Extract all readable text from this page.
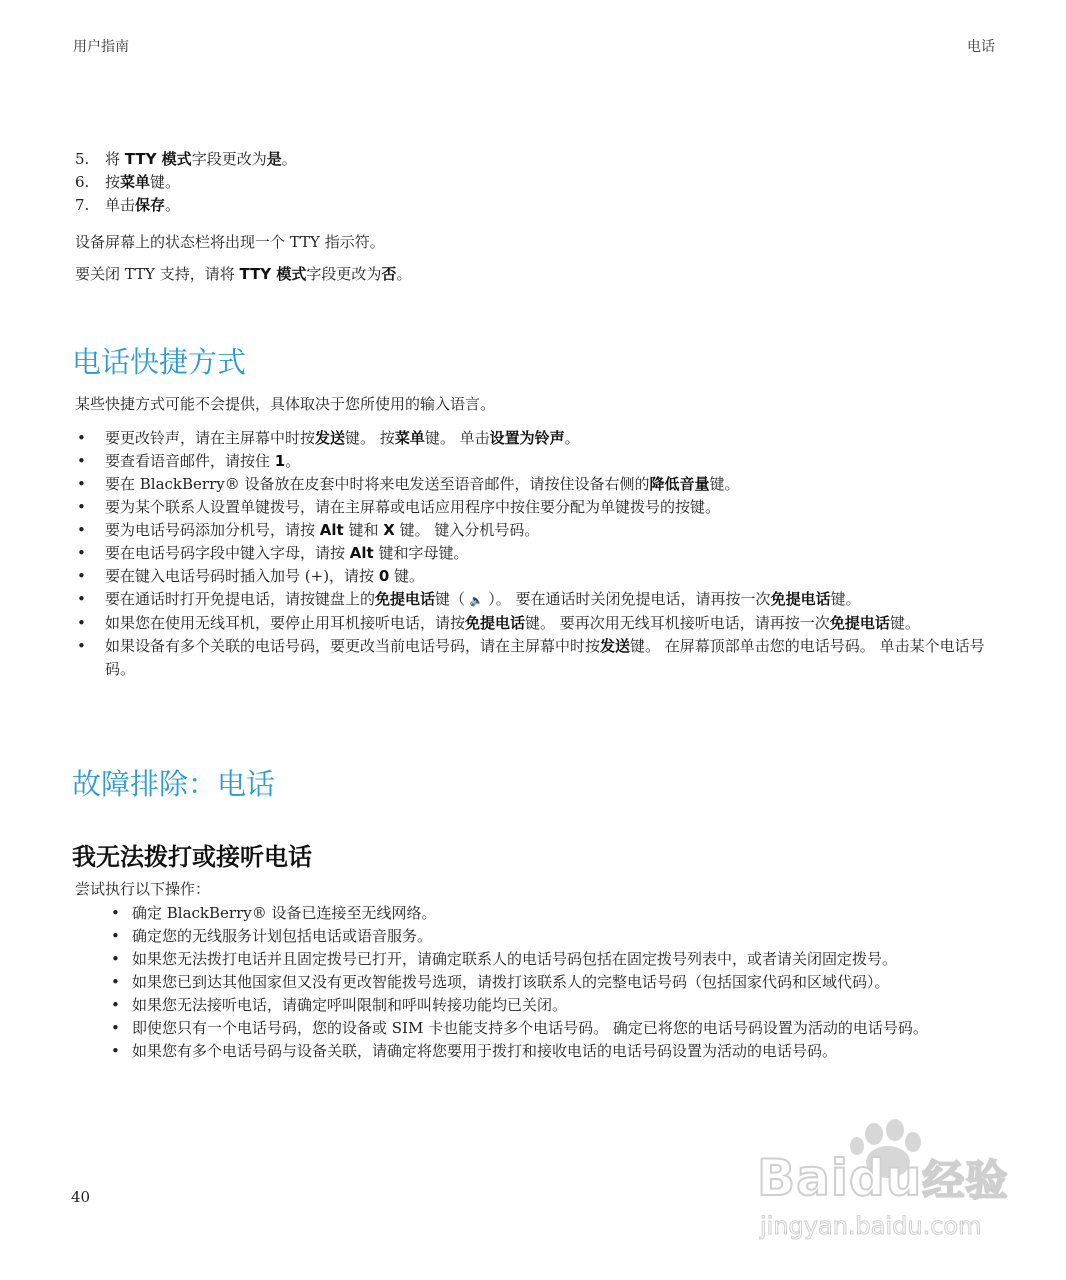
用户指南	电话
5. 将 TTY 模式字段更改为是。
6. 按菜单键。
7. 单击保存。
设备屏幕上的状态栏将出现一个 TTY 指示符。
要关闭 TTY 支持，请将 TTY 模式字段更改为否。
电话快捷方式
某些快捷方式可能不会提供，具体取决于您所使用的输入语言。
• 要更改铃声，请在主屏幕中时按发送键。 按菜单键。 单击设置为铃声。
• 要查看语音邮件，请按住 1。
• 要在 BlackBerry® 设备放在皮套中时将来电发送至语音邮件，请按住设备右侧的降低音量键。
• 要为某个联系人设置单键拨号，请在主屏幕或电话应用程序中按住要分配为单键拨号的按键。
• 要为电话号码添加分机号，请按 Alt 键和 X 键。 键入分机号码。
• 要在电话号码字段中键入字母，请按 Alt 键和字母键。
• 要在键入电话号码时插入加号 (+)，请按 0 键。
• 要在通话时打开免提电话，请按键盘上的免提电话键（ 🔈 ）。 要在通话时关闭免提电话，请再按一次免提电话键。
• 如果您在使用无线耳机，要停止用耳机接听电话，请按免提电话键。 要再次用无线耳机接听电话，请再按一次免提电话键。
• 如果设备有多个关联的电话号码，要更改当前电话号码，请在主屏幕中时按发送键。 在屏幕顶部单击您的电话号码。 单击某个电话号码。
故障排除：电话
我无法拨打或接听电话
尝试执行以下操作：
• 确定 BlackBerry® 设备已连接至无线网络。
• 确定您的无线服务计划包括电话或语音服务。
• 如果您无法拨打电话并且固定拨号已打开，请确定联系人的电话号码包括在固定拨号列表中，或者请关闭固定拨号。
• 如果您已到达其他国家但又没有更改智能拨号选项，请拨打该联系人的完整电话号码（包括国家代码和区域代码）。
• 如果您无法接听电话，请确定呼叫限制和呼叫转接功能均已关闭。
• 即使您只有一个电话号码，您的设备或 SIM 卡也能支持多个电话号码。 确定已将您的电话号码设置为活动的电话号码。
• 如果您有多个电话号码与设备关联，请确定将您要用于拨打和接收电话的电话号码设置为活动的电话号码。
40	Baidu经验
jingyan.baidu.com
